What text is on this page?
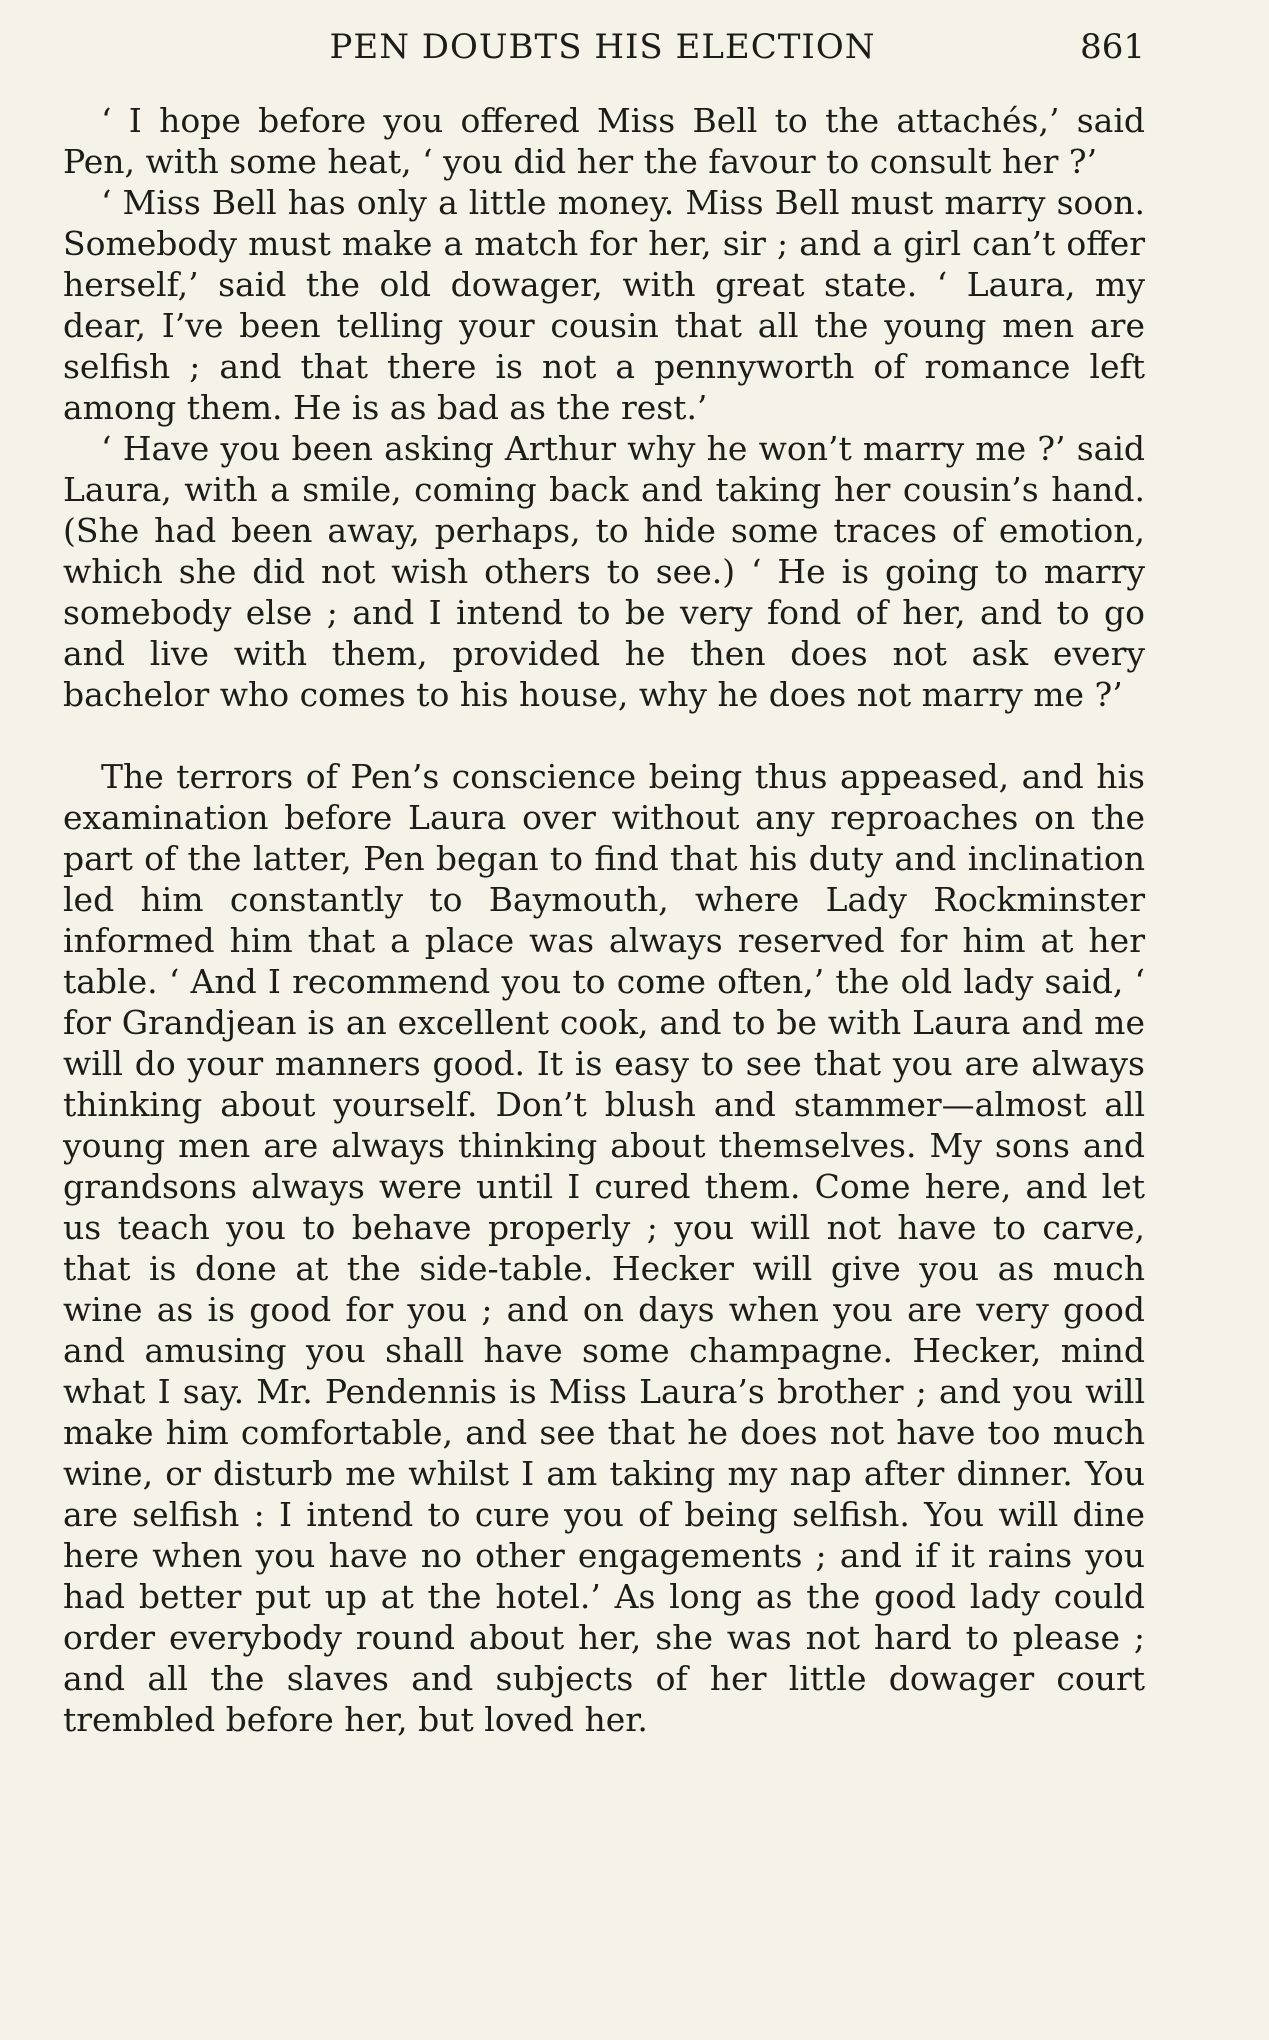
PEN DOUBTS HIS ELECTION	861

‘ I hope before you offered Miss Bell to the attachés,’ said Pen, with some heat, ‘ you did her the favour to consult her ?’

‘ Miss Bell has only a little money. Miss Bell must marry soon. Somebody must make a match for her, sir ; and a girl can’t offer herself,’ said the old dowager, with great state. ‘ Laura, my dear, I’ve been telling your cousin that all the young men are selfish ; and that there is not a pennyworth of romance left among them. He is as bad as the rest.’

‘ Have you been asking Arthur why he won’t marry me ?’ said Laura, with a smile, coming back and taking her cousin’s hand. (She had been away, perhaps, to hide some traces of emotion, which she did not wish others to see.) ‘ He is going to marry somebody else ; and I intend to be very fond of her, and to go and live with them, provided he then does not ask every bachelor who comes to his house, why he does not marry me ?’

The terrors of Pen’s conscience being thus appeased, and his examination before Laura over without any reproaches on the part of the latter, Pen began to find that his duty and inclination led him constantly to Baymouth, where Lady Rockminster informed him that a place was always reserved for him at her table. ‘ And I recommend you to come often,’ the old lady said, ‘ for Grandjean is an excellent cook, and to be with Laura and me will do your manners good. It is easy to see that you are always thinking about yourself. Don’t blush and stammer—almost all young men are always thinking about themselves. My sons and grandsons always were until I cured them. Come here, and let us teach you to behave properly ; you will not have to carve, that is done at the side-table. Hecker will give you as much wine as is good for you ; and on days when you are very good and amusing you shall have some champagne. Hecker, mind what I say. Mr. Pendennis is Miss Laura’s brother ; and you will make him comfortable, and see that he does not have too much wine, or disturb me whilst I am taking my nap after dinner. You are selfish : I intend to cure you of being selfish. You will dine here when you have no other engagements ; and if it rains you had better put up at the hotel.’ As long as the good lady could order everybody round about her, she was not hard to please ; and all the slaves and subjects of her little dowager court trembled before her, but loved her.
